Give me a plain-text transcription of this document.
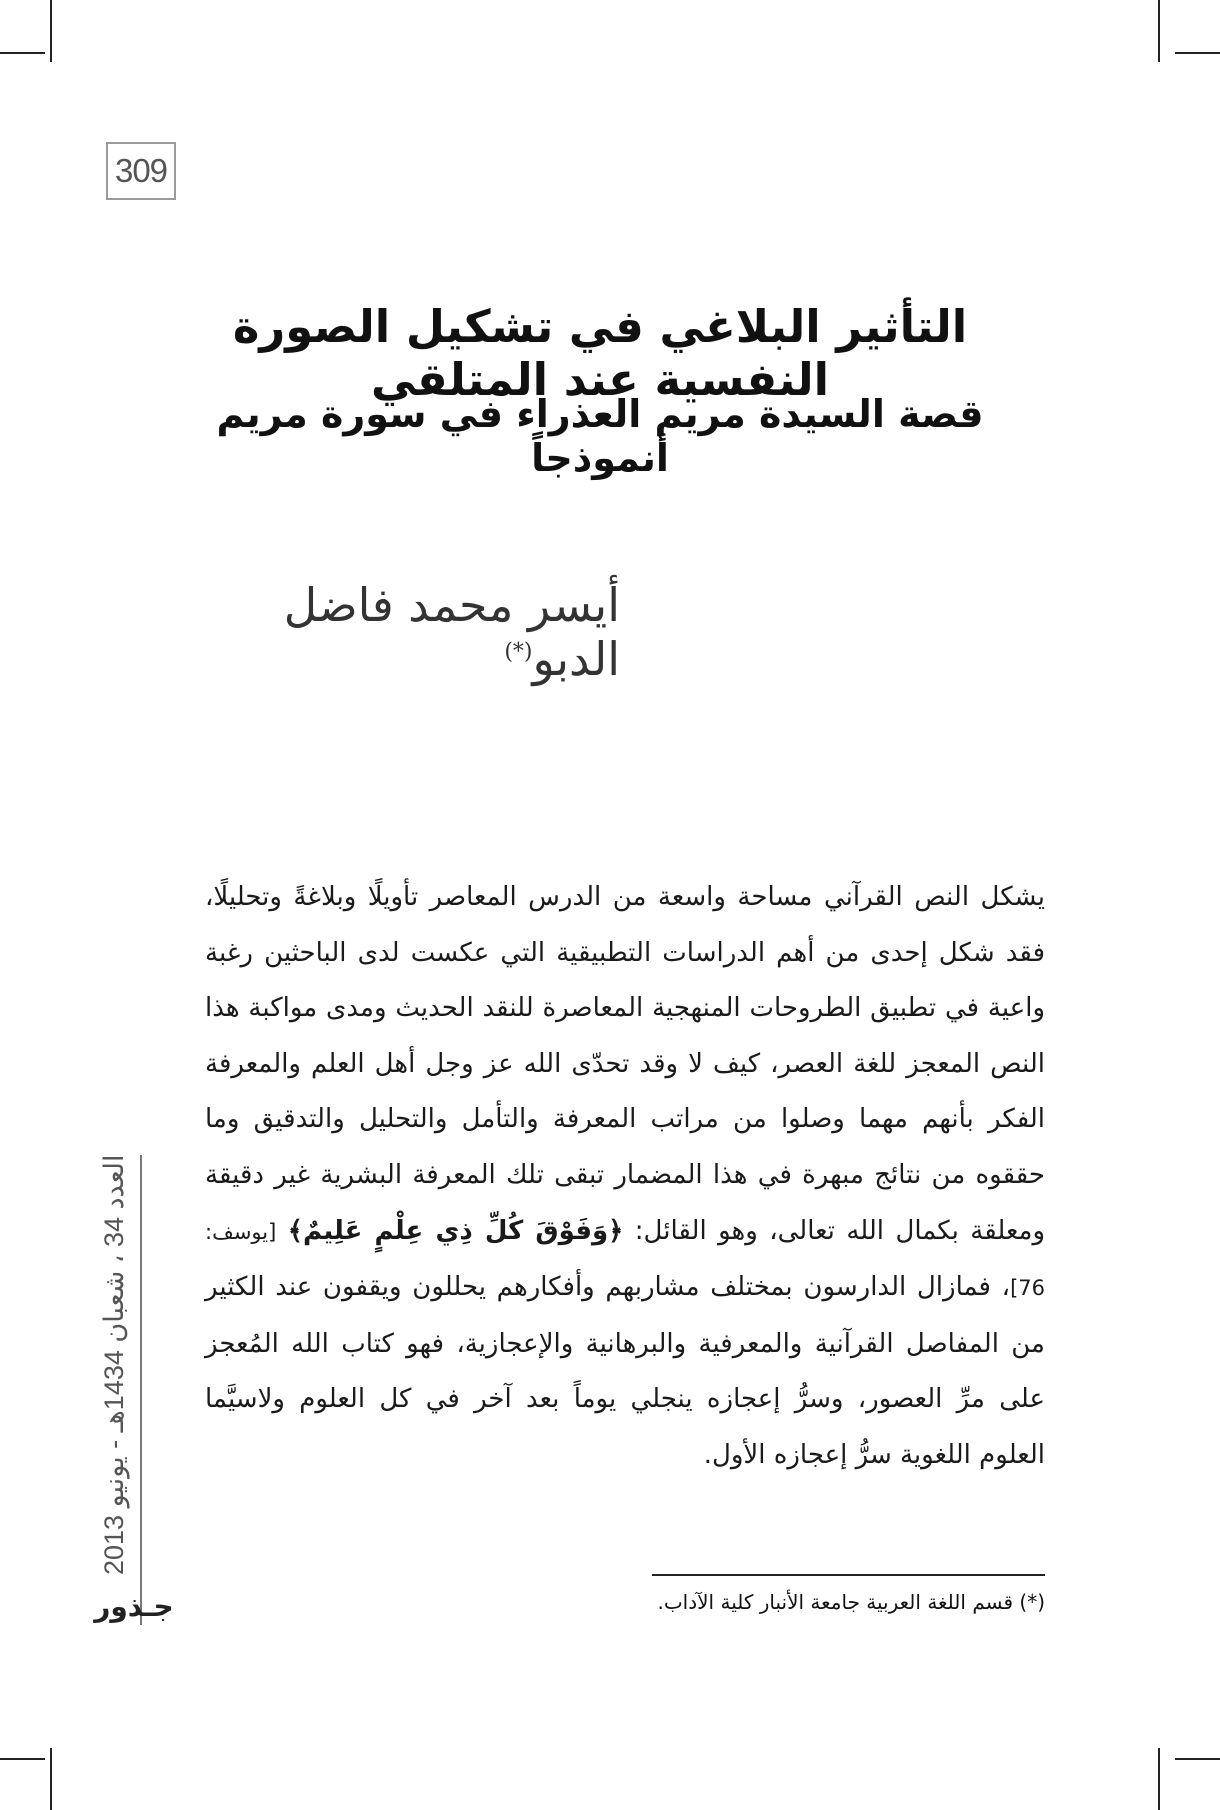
309
التأثير البلاغي في تشكيل الصورة النفسية عند المتلقي
قصة السيدة مريم العذراء في سورة مريم أنموذجاً
أيسر محمد فاضل الدبو(*)
يشكل النص القرآني مساحة واسعة من الدرس المعاصر تأويلًا وبلاغةً وتحليلًا، فقد شكل إحدى من أهم الدراسات التطبيقية التي عكست لدى الباحثين رغبة واعية في تطبيق الطروحات المنهجية المعاصرة للنقد الحديث ومدى مواكبة هذا النص المعجز للغة العصر، كيف لا وقد تحدّى الله عز وجل أهل العلم والمعرفة الفكر بأنهم مهما وصلوا من مراتب المعرفة والتأمل والتحليل والتدقيق وما حققوه من نتائج مبهرة في هذا المضمار تبقى تلك المعرفة البشرية غير دقيقة ومعلقة بكمال الله تعالى، وهو القائل: ﴿وَفَوْقَ كُلِّ ذِي عِلْمٍ عَلِيمٌ﴾ [يوسف: 76]، فمازال الدارسون بمختلف مشاربهم وأفكارهم يحللون ويقفون عند الكثير من المفاصل القرآنية والمعرفية والبرهانية والإعجازية، فهو كتاب الله المُعجز على مرِّ العصور، وسرُّ إعجازه ينجلي يوماً بعد آخر في كل العلوم ولاسيَّما العلوم اللغوية سرُّ إعجازه الأول.
(*) قسم اللغة العربية جامعة الأنبار كلية الآداب.
العدد 34 ، شعبان 1434هـ - يونيو 2013
جـذور
